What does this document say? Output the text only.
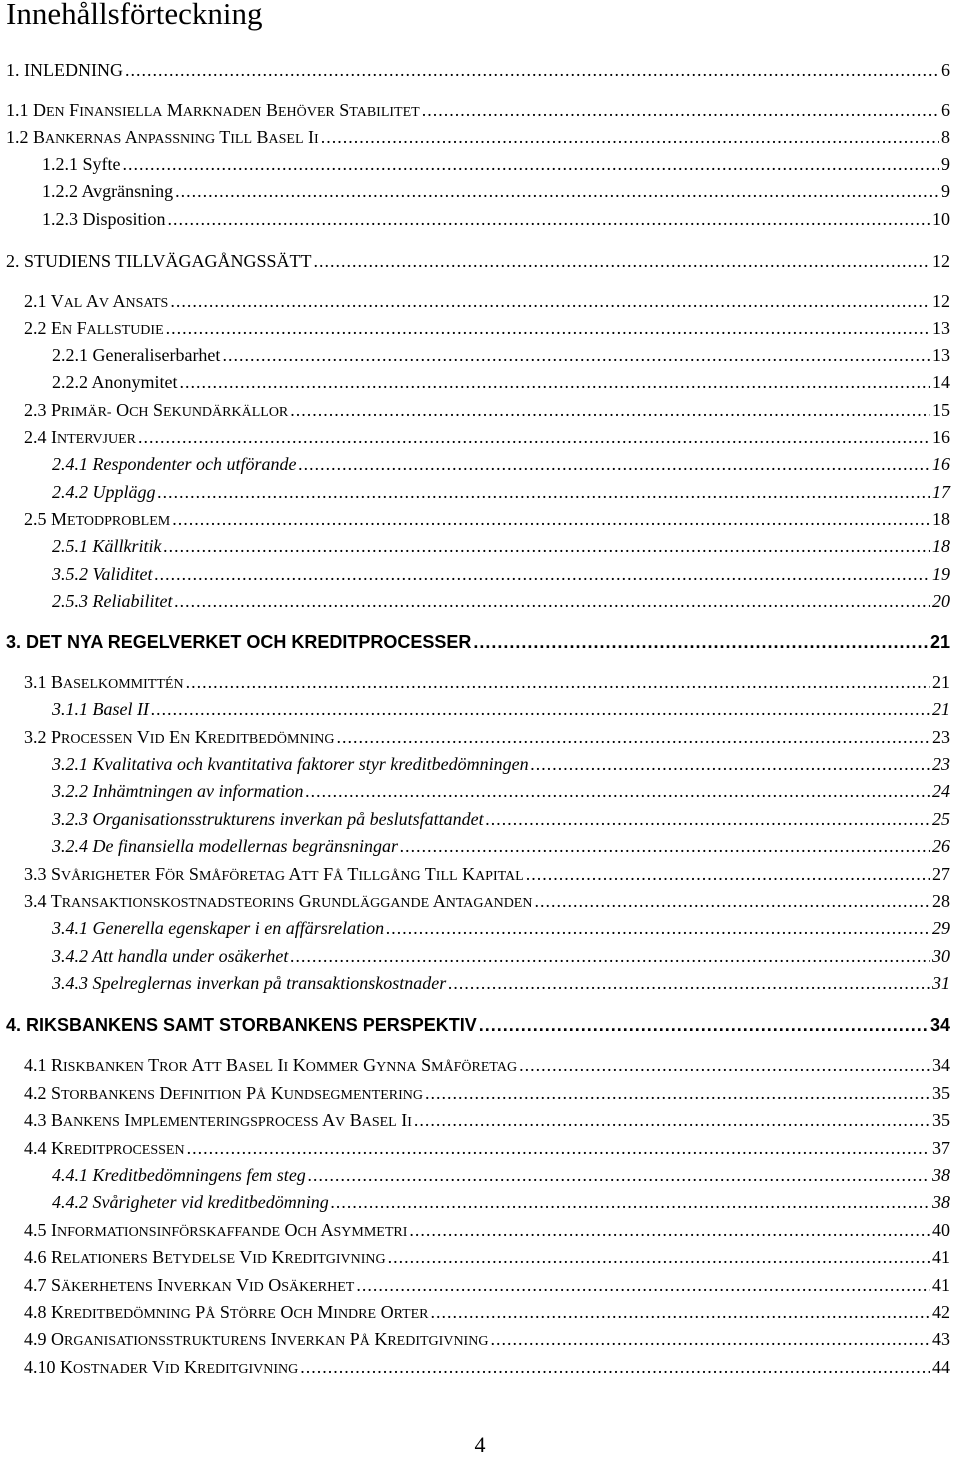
Innehållsförteckning
1. INLEDNING .....	6
1.1 DEN FINANSIELLA MARKNADEN BEHÖVER STABILITET .....	6
1.2 BANKERNAS ANPASSNING TILL BASEL II .....	8
1.2.1 Syfte .....	9
1.2.2 Avgränsning .....	9
1.2.3 Disposition .....	10
2. STUDIENS TILLVÄGAGÅNGSSÄTT .....	12
2.1 VAL AV ANSATS .....	12
2.2 EN FALLSTUDIE .....	13
2.2.1 Generaliserbarhet .....	13
2.2.2 Anonymitet .....	14
2.3 PRIMÄR- OCH SEKUNDÄRKÄLLOR .....	15
2.4 INTERVJUER .....	16
2.4.1 Respondenter och utförande .....	16
2.4.2 Upplägg .....	17
2.5 METODPROBLEM .....	18
2.5.1 Källkritik .....	18
3.5.2 Validitet .....	19
2.5.3 Reliabilitet .....	20
3. DET NYA REGELVERKET OCH KREDITPROCESSER .....	21
3.1 BASELKOMMITTÉN .....	21
3.1.1 Basel II .....	21
3.2 PROCESSEN VID EN KREDITBEDÖMNING .....	23
3.2.1 Kvalitativa och kvantitativa faktorer styr kreditbedömningen .....	23
3.2.2 Inhämtningen av information .....	24
3.2.3 Organisationsstrukturens inverkan på beslutsfattandet .....	25
3.2.4 De finansiella modellernas begränsningar .....	26
3.3 SVÅRIGHETER FÖR SMÅFÖRETAG ATT FÅ TILLGÅNG TILL KAPITAL .....	27
3.4 TRANSAKTIONSKOSTNADSTEORINS GRUNDLÄGGANDE ANTAGANDEN .....	28
3.4.1 Generella egenskaper i en affärsrelation .....	29
3.4.2 Att handla under osäkerhet .....	30
3.4.3 Spelreglernas inverkan på transaktionskostnader .....	31
4. RIKSBANKENS SAMT STORBANKENS PERSPEKTIV .....	34
4.1 RISKBANKEN TROR ATT BASEL II KOMMER GYNNA SMÅFÖRETAG .....	34
4.2 STORBANKENS DEFINITION PÅ KUNDSEGMENTERING .....	35
4.3 BANKENS IMPLEMENTERINGSPROCESS AV BASEL II .....	35
4.4 KREDITPROCESSEN .....	37
4.4.1 Kreditbedömningens fem steg .....	38
4.4.2 Svårigheter vid kreditbedömning .....	38
4.5 INFORMATIONSINFÖRSKAFFANDE OCH ASYMMETRI .....	40
4.6 RELATIONERS BETYDELSE VID KREDITGIVNING .....	41
4.7 SÄKERHETENS INVERKAN VID OSÄKERHET .....	41
4.8 KREDITBEDÖMNING PÅ STÖRRE OCH MINDRE ORTER .....	42
4.9 ORGANISATIONSSTRUKTURENS INVERKAN PÅ KREDITGIVNING .....	43
4.10 KOSTNADER VID KREDITGIVNING .....	44
4
